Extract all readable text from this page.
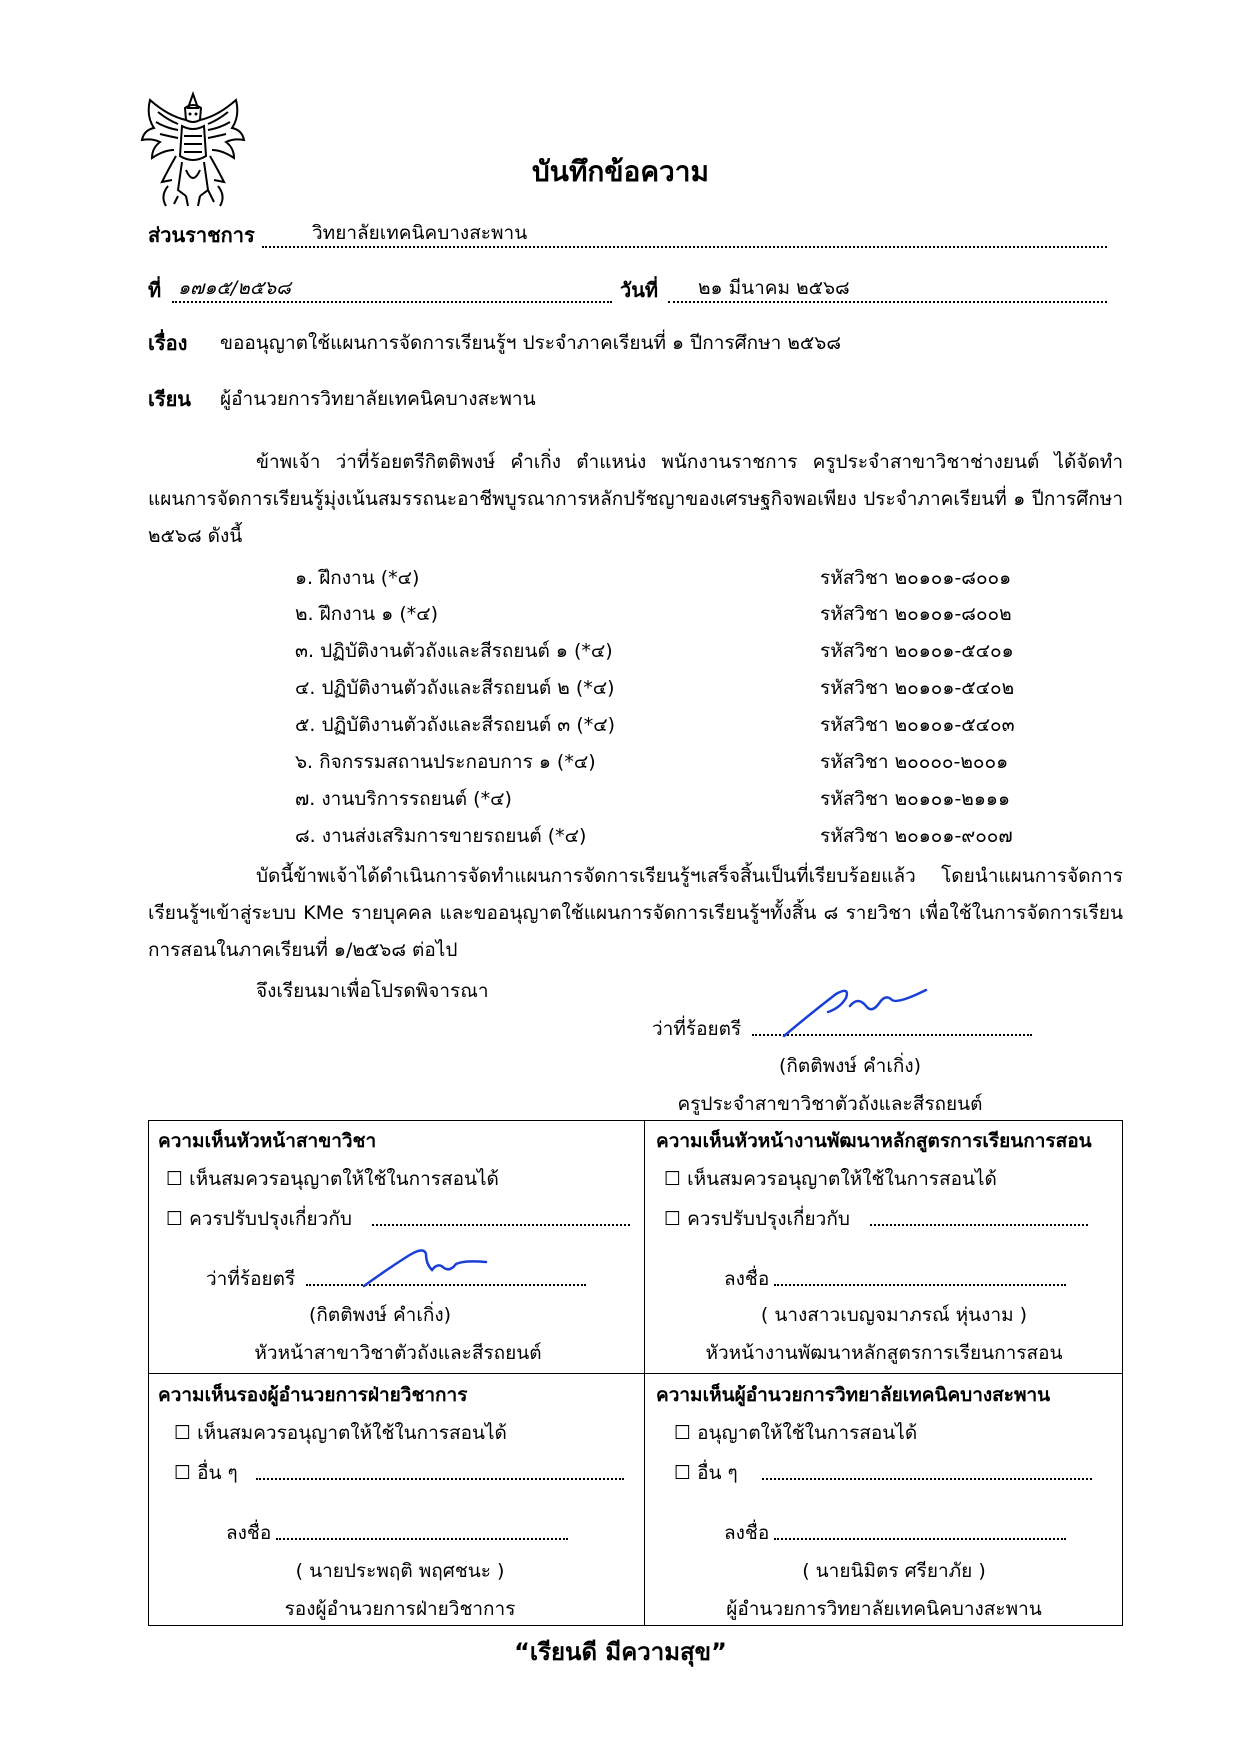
บันทึกข้อความ
ส่วนราชการ	วิทยาลัยเทคนิคบางสะพาน
ที่ ๑๗๑๕/๒๕๖๘	วันที่ ๒๑ มีนาคม ๒๕๖๘
เรื่อง ขออนุญาตใช้แผนการจัดการเรียนรู้ฯ ประจำภาคเรียนที่ ๑ ปีการศึกษา ๒๕๖๘
เรียน ผู้อำนวยการวิทยาลัยเทคนิคบางสะพาน
ข้าพเจ้า ว่าที่ร้อยตรีกิตติพงษ์ คำเกิ่ง ตำแหน่ง พนักงานราชการ ครูประจำสาขาวิชาช่างยนต์ ได้จัดทำแผนการจัดการเรียนรู้มุ่งเน้นสมรรถนะอาชีพบูรณาการหลักปรัชญาของเศรษฐกิจพอเพียง ประจำภาคเรียนที่ ๑ ปีการศึกษา ๒๕๖๘ ดังนี้
๑. ฝึกงาน (*๔)	รหัสวิชา ๒๐๑๐๑-๘๐๐๑
๒. ฝึกงาน ๑ (*๔)	รหัสวิชา ๒๐๑๐๑-๘๐๐๒
๓. ปฏิบัติงานตัวถังและสีรถยนต์ ๑ (*๔)	รหัสวิชา ๒๐๑๐๑-๕๔๐๑
๔. ปฏิบัติงานตัวถังและสีรถยนต์ ๒ (*๔)	รหัสวิชา ๒๐๑๐๑-๕๔๐๒
๕. ปฏิบัติงานตัวถังและสีรถยนต์ ๓ (*๔)	รหัสวิชา ๒๐๑๐๑-๕๔๐๓
๖. กิจกรรมสถานประกอบการ ๑ (*๔)	รหัสวิชา ๒๐๐๐๐-๒๐๐๑
๗. งานบริการรถยนต์ (*๔)	รหัสวิชา ๒๐๑๐๑-๒๑๑๑
๘. งานส่งเสริมการขายรถยนต์ (*๔)	รหัสวิชา ๒๐๑๐๑-๙๐๐๗
บัดนี้ข้าพเจ้าได้ดำเนินการจัดทำแผนการจัดการเรียนรู้ฯเสร็จสิ้นเป็นที่เรียบร้อยแล้ว โดยนำแผนการจัดการเรียนรู้ฯเข้าสู่ระบบ KMe รายบุคคล และขออนุญาตใช้แผนการจัดการเรียนรู้ฯทั้งสิ้น ๘ รายวิชา เพื่อใช้ในการจัดการเรียนการสอนในภาคเรียนที่ ๑/๒๕๖๘ ต่อไป
จึงเรียนมาเพื่อโปรดพิจารณา
ว่าที่ร้อยตรี
(กิตติพงษ์ คำเกิ่ง)
ครูประจำสาขาวิชาตัวถังและสีรถยนต์
ความเห็นหัวหน้าสาขาวิชา
☐ เห็นสมควรอนุญาตให้ใช้ในการสอนได้
☐ ควรปรับปรุงเกี่ยวกับ
ว่าที่ร้อยตรี
(กิตติพงษ์ คำเกิ่ง)
หัวหน้าสาขาวิชาตัวถังและสีรถยนต์
ความเห็นหัวหน้างานพัฒนาหลักสูตรการเรียนการสอน
☐ เห็นสมควรอนุญาตให้ใช้ในการสอนได้
☐ ควรปรับปรุงเกี่ยวกับ
ลงชื่อ
( นางสาวเบญจมาภรณ์ หุ่นงาม )
หัวหน้างานพัฒนาหลักสูตรการเรียนการสอน
ความเห็นรองผู้อำนวยการฝ่ายวิชาการ
☐ เห็นสมควรอนุญาตให้ใช้ในการสอนได้
☐ อื่น ๆ
ลงชื่อ
( นายประพฤติ พฤศชนะ )
รองผู้อำนวยการฝ่ายวิชาการ
ความเห็นผู้อำนวยการวิทยาลัยเทคนิคบางสะพาน
☐ อนุญาตให้ใช้ในการสอนได้
☐ อื่น ๆ
ลงชื่อ
( นายนิมิตร ศรียาภัย )
ผู้อำนวยการวิทยาลัยเทคนิคบางสะพาน
“เรียนดี มีความสุข”
